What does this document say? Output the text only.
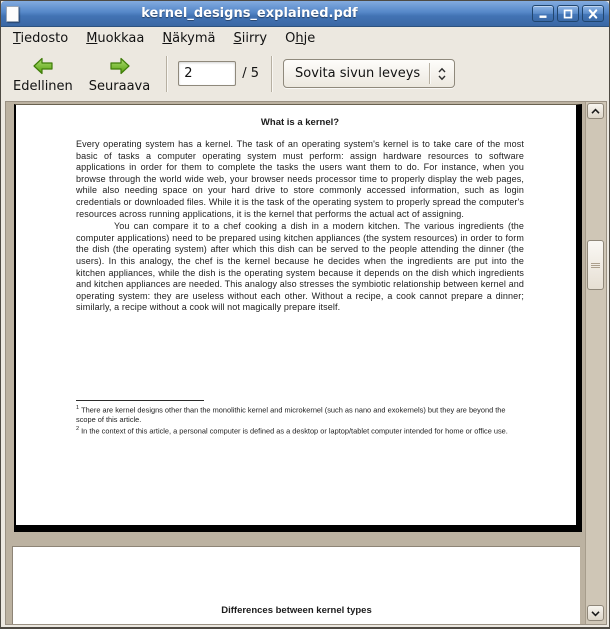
kernel_designs_explained.pdf
Tiedosto Muokkaa Näkymä Siirry Ohje
Edellinen Seuraava
2
/ 5	Sovita sivun leveys
What is a kernel?

Every operating system has a kernel. The task of an operating system's kernel is to take care of the most basic of tasks a computer operating system must perform: assign hardware resources to software applications in order for them to complete the tasks the users want them to do. For instance, when you browse through the world wide web, your browser needs processor time to properly display the web pages, while also needing space on your hard drive to store commonly accessed information, such as login credentials or downloaded files. While it is the task of the operating system to properly spread the computer's resources across running applications, it is the kernel that performs the actual act of assigning.

You can compare it to a chef cooking a dish in a modern kitchen. The various ingredients (the computer applications) need to be prepared using kitchen appliances (the system resources) in order to form the dish (the operating system) after which this dish can be served to the people attending the dinner (the users). In this analogy, the chef is the kernel because he decides when the ingredients are put into the kitchen appliances, while the dish is the operating system because it depends on the dish which ingredients and kitchen appliances are needed. This analogy also stresses the symbiotic relationship between kernel and operating system: they are useless without each other. Without a recipe, a cook cannot prepare a dinner; similarly, a recipe without a cook will not magically prepare itself.

$^1$ There are kernel designs other than the monolithic kernel and microkernel (such as nano and exokernels) but they are beyond the scope of this article.
$^2$ In the context of this article, a personal computer is defined as a desktop or laptop/tablet computer intended for home or office use.
Differences between kernel types
